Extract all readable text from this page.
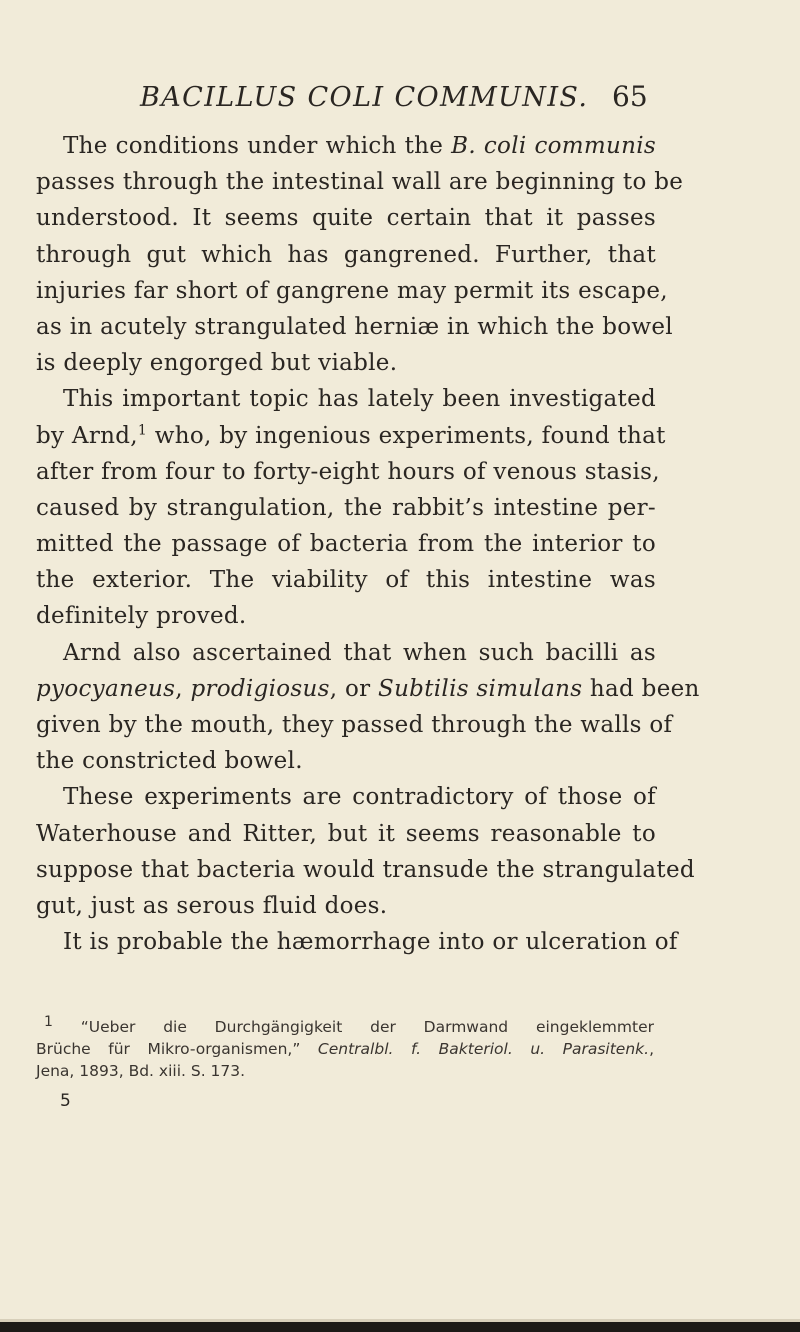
BACILLUS COLI COMMUNIS. 65
The conditions under which the B. coli communis
passes through the intestinal wall are beginning to be
understood. It seems quite certain that it passes
through gut which has gangrened. Further, that
injuries far short of gangrene may permit its escape,
as in acutely strangulated herniæ in which the bowel
is deeply engorged but viable.
This important topic has lately been investigated
by Arnd,$^1$ who, by ingenious experiments, found that
after from four to forty-eight hours of venous stasis,
caused by strangulation, the rabbit’s intestine per-
mitted the passage of bacteria from the interior to
the exterior. The viability of this intestine was
definitely proved.
Arnd also ascertained that when such bacilli as
pyocyaneus, prodigiosus, or Subtilis simulans had been
given by the mouth, they passed through the walls of
the constricted bowel.
These experiments are contradictory of those of
Waterhouse and Ritter, but it seems reasonable to
suppose that bacteria would transude the strangulated
gut, just as serous fluid does.
It is probable the hæmorrhage into or ulceration of
$^1$ “Ueber die Durchgängigkeit der Darmwand eingeklemmter
Brüche für Mikro-organismen,” Centralbl. f. Bakteriol. u. Parasitenk.,
Jena, 1893, Bd. xiii. S. 173.
5
